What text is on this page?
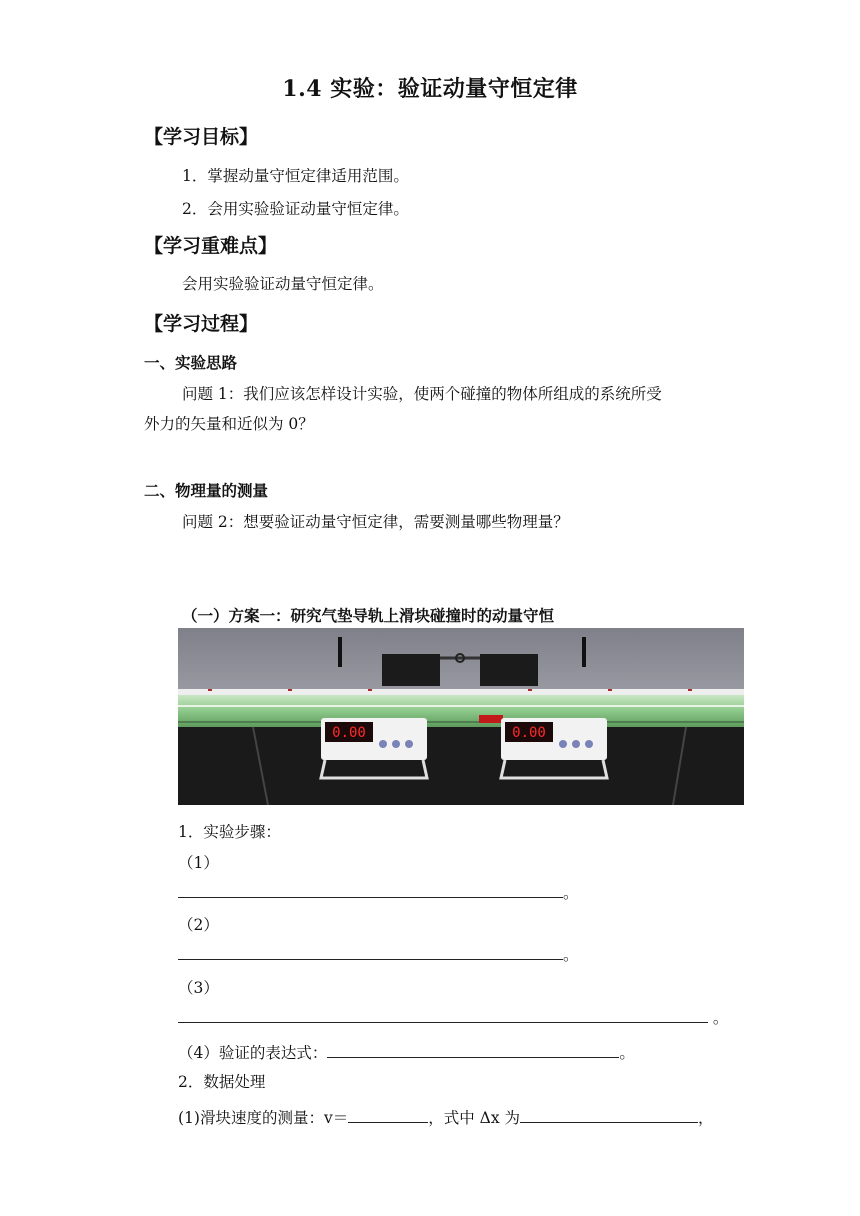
1.4 实验：验证动量守恒定律
【学习目标】
1．掌握动量守恒定律适用范围。
2．会用实验验证动量守恒定律。
【学习重难点】
会用实验验证动量守恒定律。
【学习过程】
一、实验思路
问题 1：我们应该怎样设计实验，使两个碰撞的物体所组成的系统所受
外力的矢量和近似为 0？
二、物理量的测量
问题 2：想要验证动量守恒定律，需要测量哪些物理量？
（一）方案一：研究气垫导轨上滑块碰撞时的动量守恒
0.00	0.00
1．实验步骤：
（1）
。
（2）
。
（3）
。
（4）验证的表达式：	。
2．数据处理
(1)滑块速度的测量：v＝	，式中 Δx 为	，
